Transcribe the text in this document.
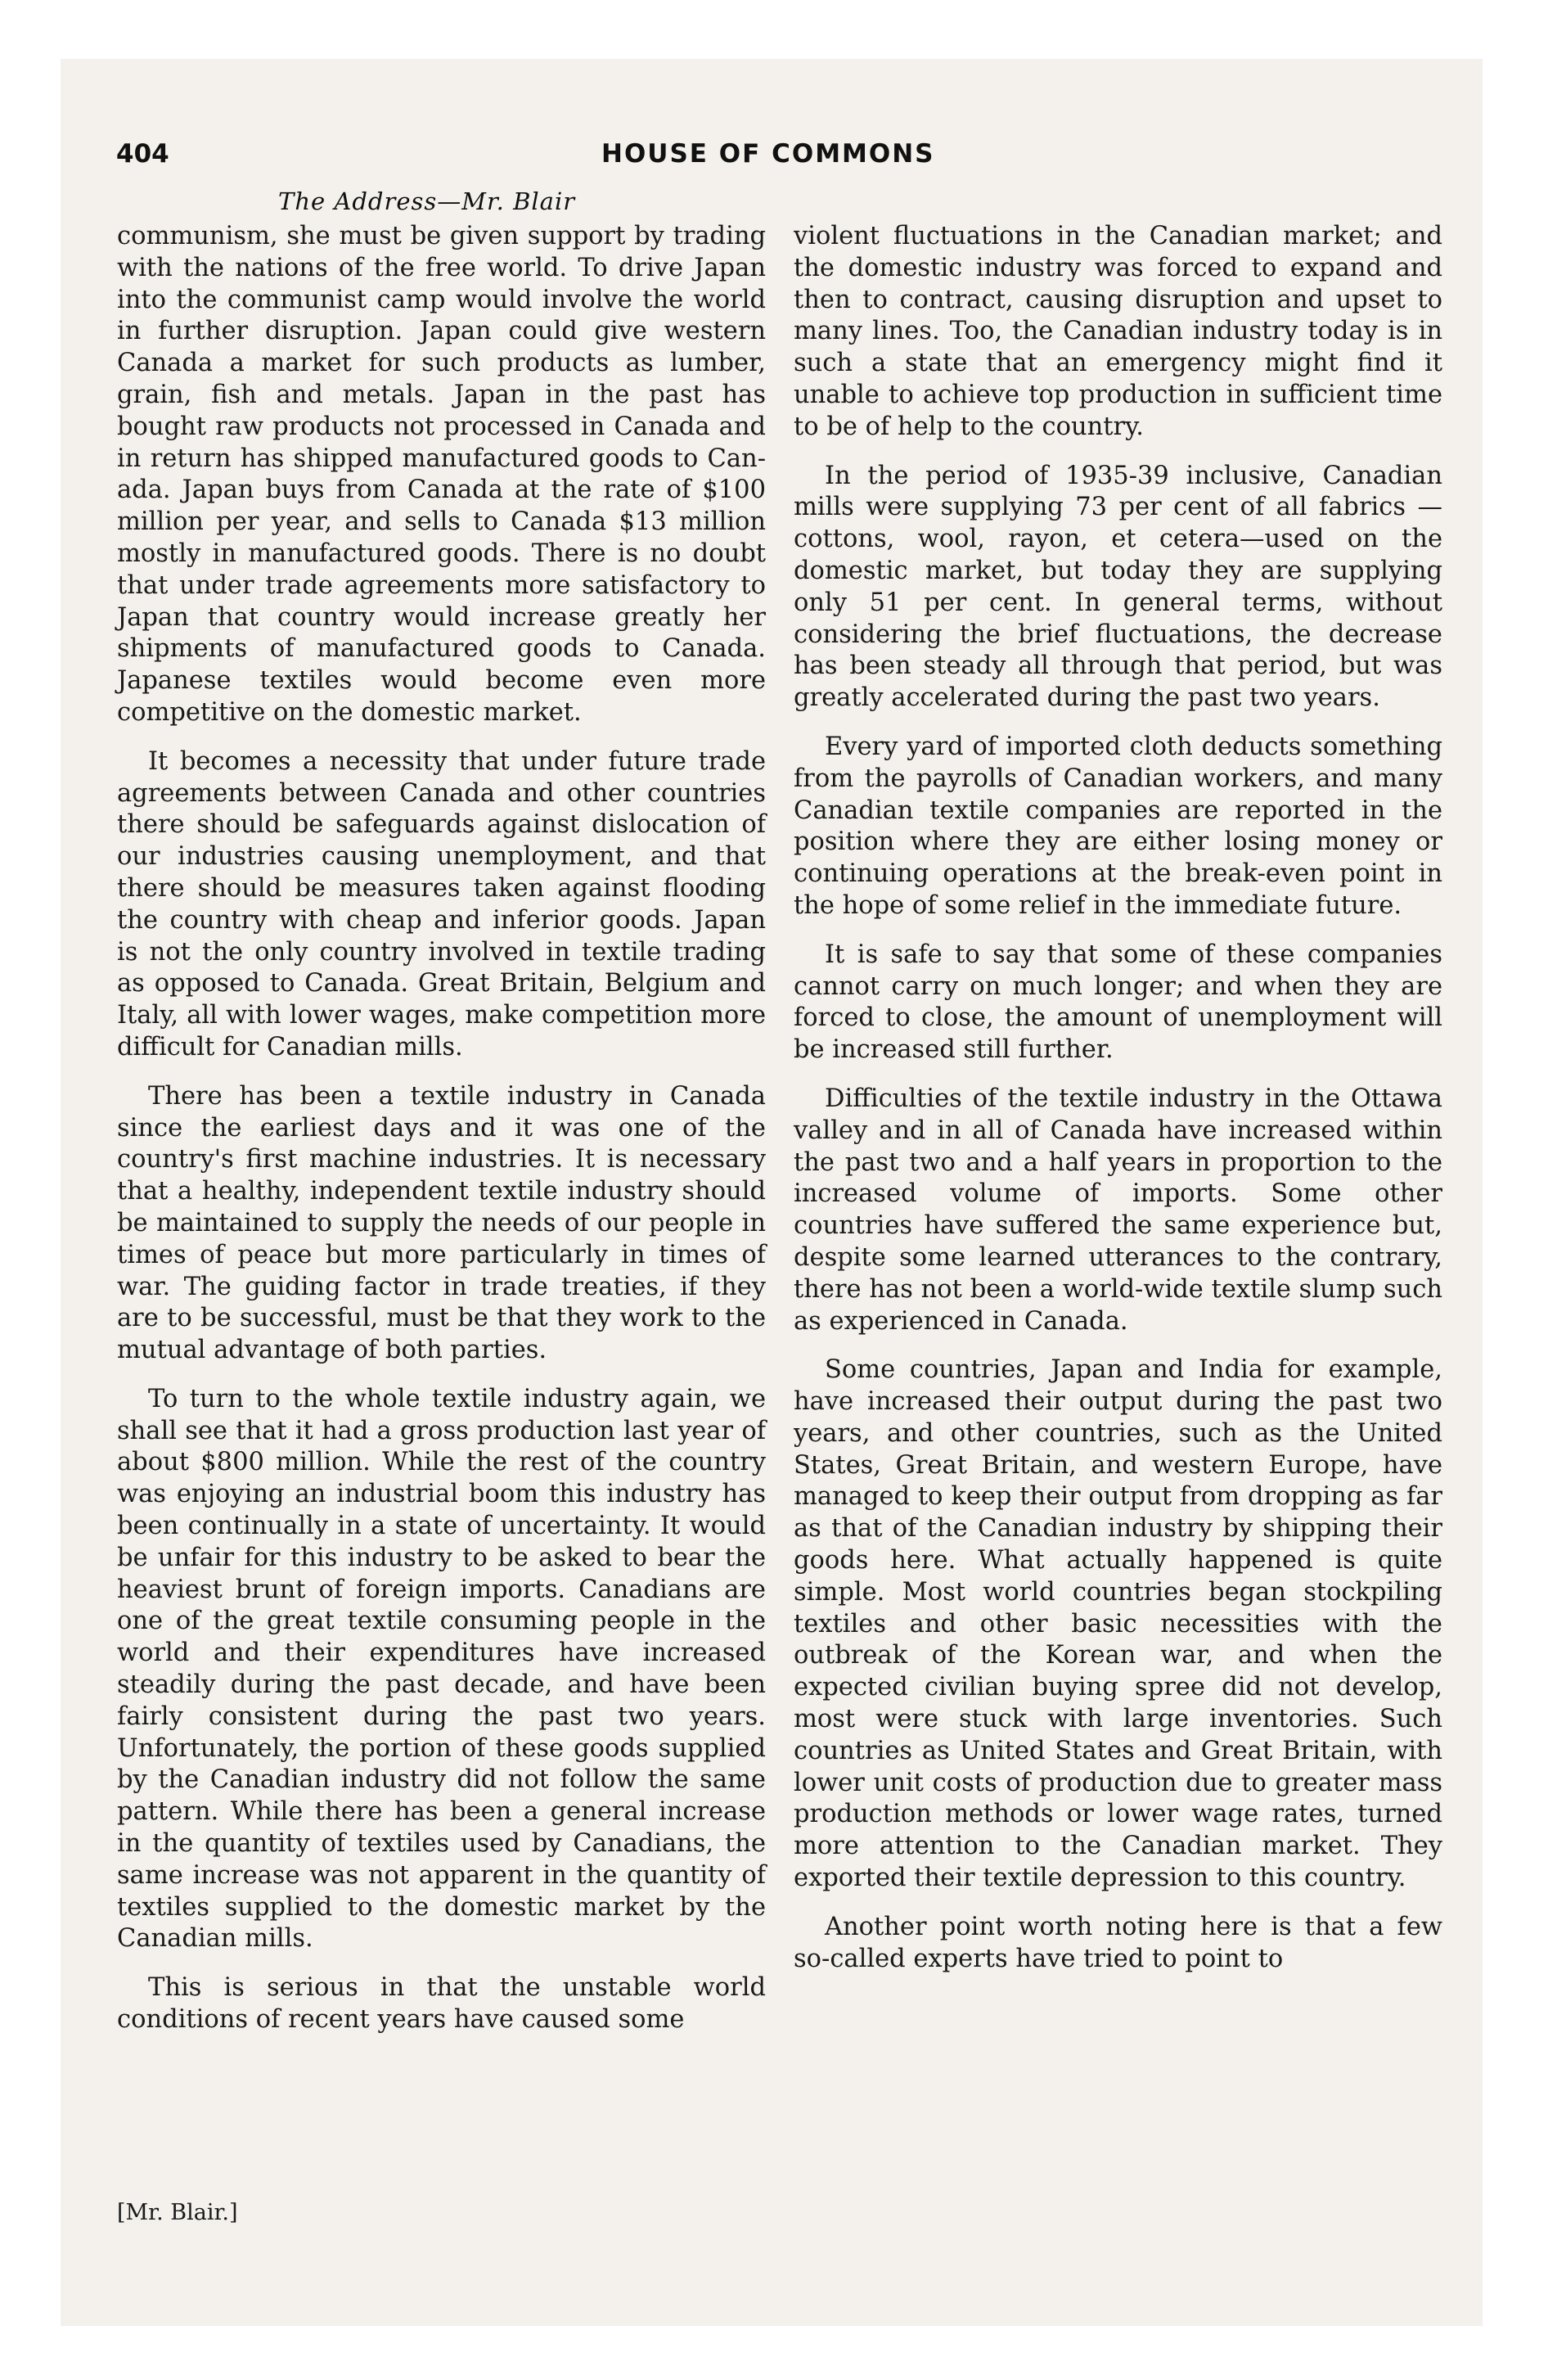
404	HOUSE OF COMMONS
The Address—Mr. Blair

communism, she must be given support by trading with the nations of the free world. To drive Japan into the communist camp would involve the world in further disruption. Japan could give western Canada a market for such products as lumber, grain, fish and metals. Japan in the past has bought raw products not processed in Canada and in return has shipped manufactured goods to Canada. Japan buys from Canada at the rate of $100 million per year, and sells to Canada $13 million mostly in manufactured goods. There is no doubt that under trade agreements more satisfactory to Japan that country would increase greatly her shipments of manufactured goods to Canada. Japanese textiles would become even more competitive on the domestic market.

It becomes a necessity that under future trade agreements between Canada and other countries there should be safeguards against dislocation of our industries causing unemployment, and that there should be measures taken against flooding the country with cheap and inferior goods. Japan is not the only country involved in textile trading as opposed to Canada. Great Britain, Belgium and Italy, all with lower wages, make competition more difficult for Canadian mills.

There has been a textile industry in Canada since the earliest days and it was one of the country's first machine industries. It is necessary that a healthy, independent textile industry should be maintained to supply the needs of our people in times of peace but more particularly in times of war. The guiding factor in trade treaties, if they are to be successful, must be that they work to the mutual advantage of both parties.

To turn to the whole textile industry again, we shall see that it had a gross production last year of about $800 million. While the rest of the country was enjoying an industrial boom this industry has been continually in a state of uncertainty. It would be unfair for this industry to be asked to bear the heaviest brunt of foreign imports. Canadians are one of the great textile consuming people in the world and their expenditures have increased steadily during the past decade, and have been fairly consistent during the past two years. Unfortunately, the portion of these goods supplied by the Canadian industry did not follow the same pattern. While there has been a general increase in the quantity of textiles used by Canadians, the same increase was not apparent in the quantity of textiles supplied to the domestic market by the Canadian mills.

This is serious in that the unstable world conditions of recent years have caused some

violent fluctuations in the Canadian market; and the domestic industry was forced to expand and then to contract, causing disruption and upset to many lines. Too, the Canadian industry today is in such a state that an emergency might find it unable to achieve top production in sufficient time to be of help to the country.

In the period of 1935-39 inclusive, Canadian mills were supplying 73 per cent of all fabrics —cottons, wool, rayon, et cetera—used on the domestic market, but today they are supplying only 51 per cent. In general terms, without considering the brief fluctuations, the decrease has been steady all through that period, but was greatly accelerated during the past two years.

Every yard of imported cloth deducts something from the payrolls of Canadian workers, and many Canadian textile companies are reported in the position where they are either losing money or continuing operations at the break-even point in the hope of some relief in the immediate future.

It is safe to say that some of these companies cannot carry on much longer; and when they are forced to close, the amount of unemployment will be increased still further.

Difficulties of the textile industry in the Ottawa valley and in all of Canada have increased within the past two and a half years in proportion to the increased volume of imports. Some other countries have suffered the same experience but, despite some learned utterances to the contrary, there has not been a world-wide textile slump such as experienced in Canada.

Some countries, Japan and India for example, have increased their output during the past two years, and other countries, such as the United States, Great Britain, and western Europe, have managed to keep their output from dropping as far as that of the Canadian industry by shipping their goods here. What actually happened is quite simple. Most world countries began stockpiling textiles and other basic necessities with the outbreak of the Korean war, and when the expected civilian buying spree did not develop, most were stuck with large inventories. Such countries as United States and Great Britain, with lower unit costs of production due to greater mass production methods or lower wage rates, turned more attention to the Canadian market. They exported their textile depression to this country.

Another point worth noting here is that a few so-called experts have tried to point to

[Mr. Blair.]
